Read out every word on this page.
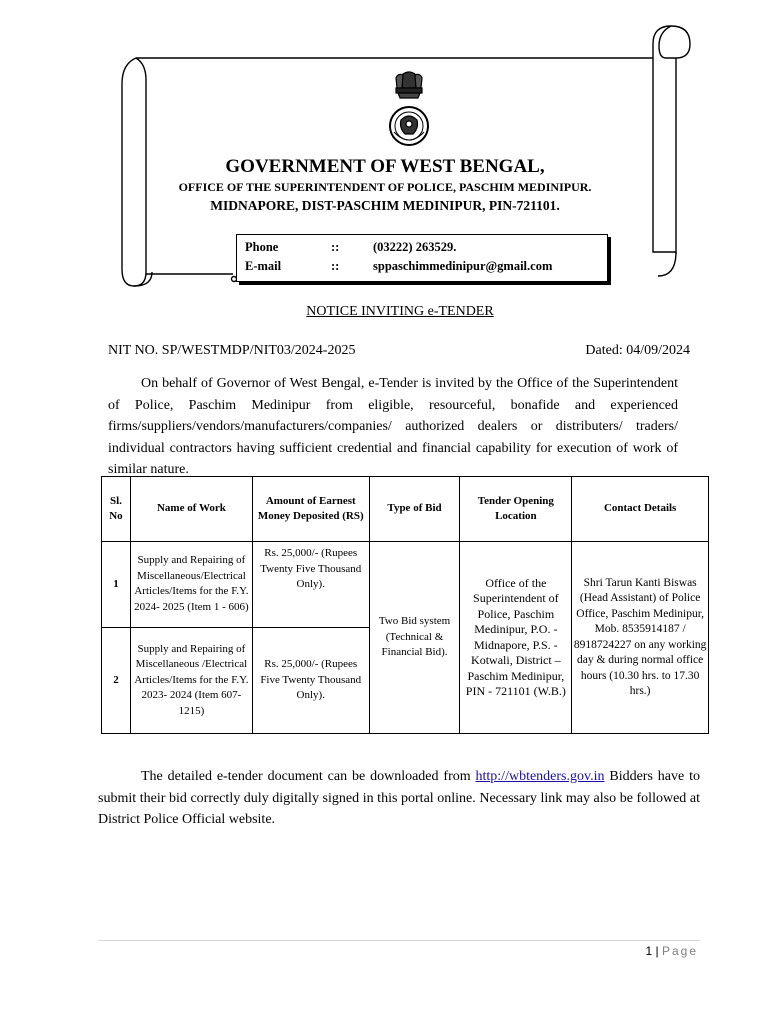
GOVERNMENT OF WEST BENGAL,
OFFICE OF THE SUPERINTENDENT OF POLICE, PASCHIM MEDINIPUR.
MIDNAPORE, DIST-PASCHIM MEDINIPUR, PIN-721101.
Phone	::	(03222) 263529.
E-mail	::	sppaschimmedinipur@gmail.com
NOTICE INVITING e-TENDER
NIT NO. SP/WESTMDP/NIT03/2024-2025	Dated: 04/09/2024

On behalf of Governor of West Bengal, e-Tender is invited by the Office of the Superintendent of Police, Paschim Medinipur from eligible, resourceful, bonafide and experienced firms/suppliers/vendors/manufacturers/companies/ authorized dealers or distributers/ traders/ individual contractors having sufficient credential and financial capability for execution of work of similar nature.

Sl. No	Name of Work	Amount of Earnest Money Deposited (RS)	Type of Bid	Tender Opening Location	Contact Details
1	Supply and Repairing of Miscellaneous/Electrical Articles/Items for the F.Y. 2024- 2025 (Item 1 - 606)	Rs. 25,000/- (Rupees Twenty Five Thousand Only).	Two Bid system (Technical & Financial Bid).	Office of the Superintendent of Police, Paschim Medinipur, P.O. - Midnapore, P.S. - Kotwali, District – Paschim Medinipur, PIN - 721101 (W.B.)	Shri Tarun Kanti Biswas (Head Assistant) of Police Office, Paschim Medinipur, Mob. 8535914187 / 8918724227 on any working day & during normal office hours (10.30 hrs. to 17.30 hrs.)
2	Supply and Repairing of Miscellaneous /Electrical Articles/Items for the F.Y. 2023- 2024 (Item 607- 1215)	Rs. 25,000/- (Rupees Five Twenty Thousand Only).			

The detailed e-tender document can be downloaded from http://wbtenders.gov.in Bidders have to submit their bid correctly duly digitally signed in this portal online. Necessary link may also be followed at District Police Official website.

1 | Page
